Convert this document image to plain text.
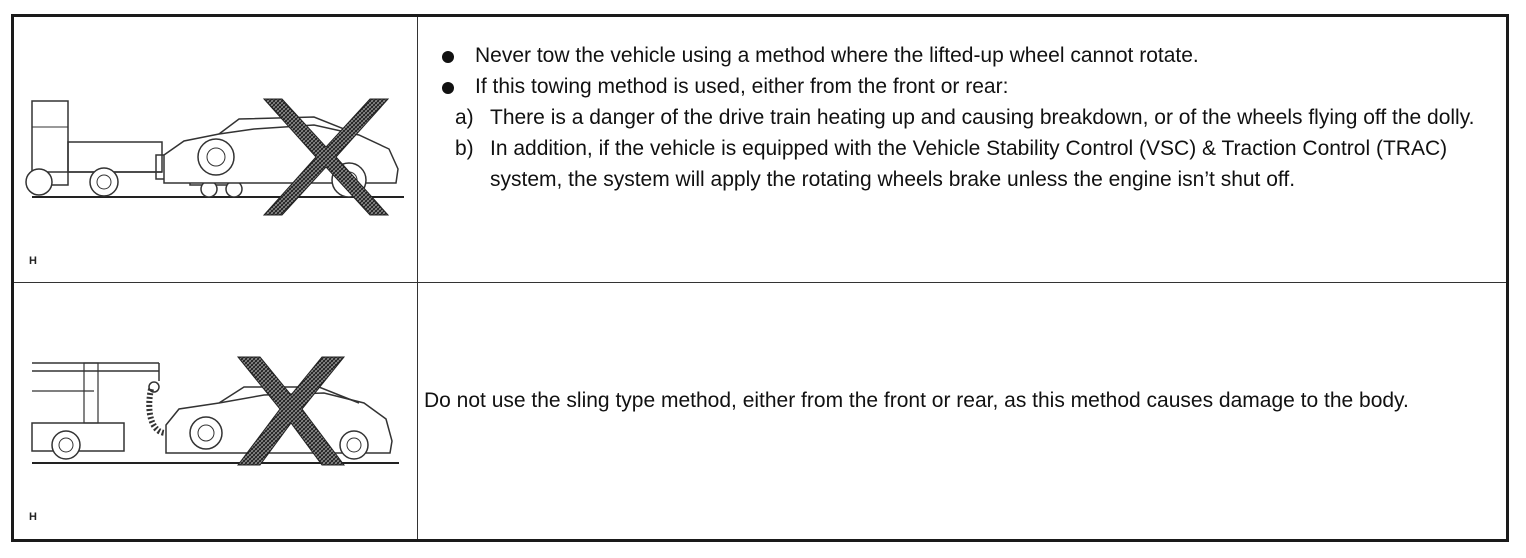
H
Never tow the vehicle using a method where the lifted-up wheel cannot rotate.
If this towing method is used, either from the front or rear:
a) There is a danger of the drive train heating up and causing breakdown, or of the wheels flying off the dolly.
b) In addition, if the vehicle is equipped with the Vehicle Stability Control (VSC) & Traction Control (TRAC) system, the system will apply the rotating wheels brake unless the engine isn’t shut off.
H
Do not use the sling type method, either from the front or rear, as this method causes damage to the body.
